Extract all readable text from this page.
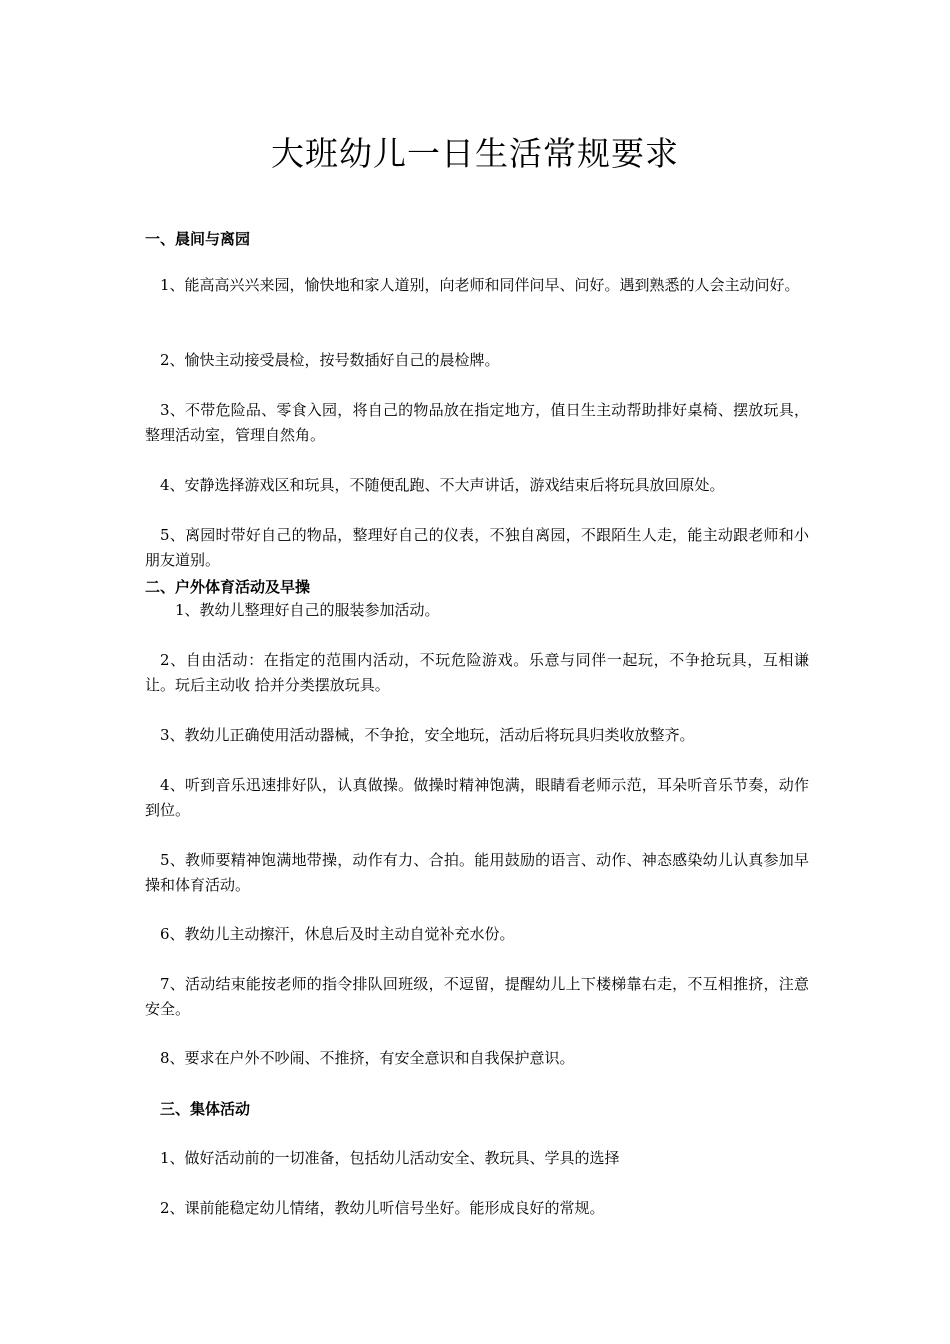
大班幼儿一日生活常规要求

一、晨间与离园

1、能高高兴兴来园，愉快地和家人道别，向老师和同伴问早、问好。遇到熟悉的人会主动问好。

2、愉快主动接受晨检，按号数插好自己的晨检牌。

3、不带危险品、零食入园，将自己的物品放在指定地方，值日生主动帮助排好桌椅、摆放玩具，整理活动室，管理自然角。

4、安静选择游戏区和玩具，不随便乱跑、不大声讲话，游戏结束后将玩具放回原处。

5、离园时带好自己的物品，整理好自己的仪表，不独自离园，不跟陌生人走，能主动跟老师和小朋友道别。

二、户外体育活动及早操

1、教幼儿整理好自己的服装参加活动。

2、自由活动：在指定的范围内活动，不玩危险游戏。乐意与同伴一起玩，不争抢玩具，互相谦让。玩后主动收 拾并分类摆放玩具。

3、教幼儿正确使用活动器械，不争抢，安全地玩，活动后将玩具归类收放整齐。

4、听到音乐迅速排好队，认真做操。做操时精神饱满，眼睛看老师示范，耳朵听音乐节奏，动作到位。

5、教师要精神饱满地带操，动作有力、合拍。能用鼓励的语言、动作、神态感染幼儿认真参加早操和体育活动。

6、教幼儿主动擦汗，休息后及时主动自觉补充水份。

7、活动结束能按老师的指令排队回班级，不逗留，提醒幼儿上下楼梯靠右走，不互相推挤，注意安全。

8、要求在户外不吵闹、不推挤，有安全意识和自我保护意识。

三、集体活动

1、做好活动前的一切准备，包括幼儿活动安全、教玩具、学具的选择

2、课前能稳定幼儿情绪，教幼儿听信号坐好。能形成良好的常规。
